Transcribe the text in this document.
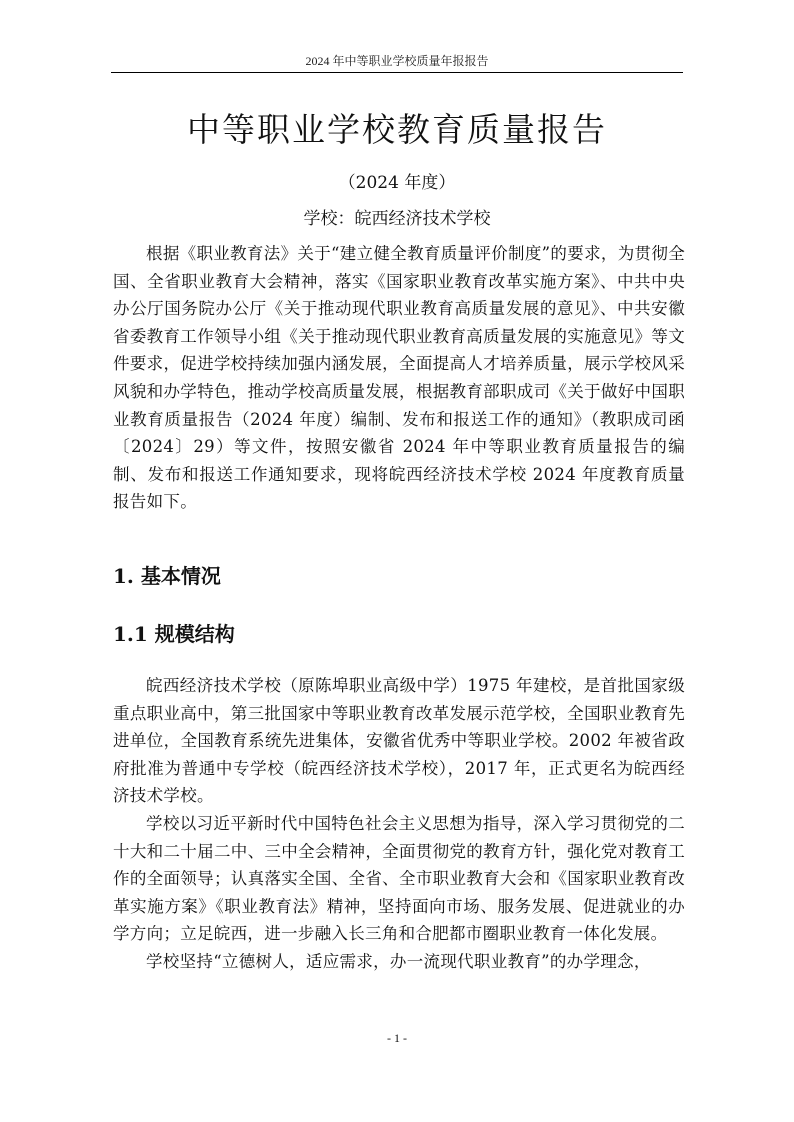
2024 年中等职业学校质量年报报告
中等职业学校教育质量报告
（2024 年度）
学校：皖西经济技术学校

根据《职业教育法》关于“建立健全教育质量评价制度”的要求，为贯彻全国、全省职业教育大会精神，落实《国家职业教育改革实施方案》、中共中央办公厅国务院办公厅《关于推动现代职业教育高质量发展的意见》、中共安徽省委教育工作领导小组《关于推动现代职业教育高质量发展的实施意见》等文件要求，促进学校持续加强内涵发展，全面提高人才培养质量，展示学校风采风貌和办学特色，推动学校高质量发展，根据教育部职成司《关于做好中国职业教育质量报告（2024 年度）编制、发布和报送工作的通知》（教职成司函〔2024〕29）等文件，按照安徽省 2024 年中等职业教育质量报告的编制、发布和报送工作通知要求，现将皖西经济技术学校 2024 年度教育质量报告如下。

1. 基本情况
1.1 规模结构

皖西经济技术学校（原陈埠职业高级中学）1975 年建校，是首批国家级重点职业高中，第三批国家中等职业教育改革发展示范学校，全国职业教育先进单位，全国教育系统先进集体，安徽省优秀中等职业学校。2002 年被省政府批准为普通中专学校（皖西经济技术学校），2017 年，正式更名为皖西经济技术学校。

学校以习近平新时代中国特色社会主义思想为指导，深入学习贯彻党的二十大和二十届二中、三中全会精神，全面贯彻党的教育方针，强化党对教育工作的全面领导；认真落实全国、全省、全市职业教育大会和《国家职业教育改革实施方案》《职业教育法》精神，坚持面向市场、服务发展、促进就业的办学方向；立足皖西，进一步融入长三角和合肥都市圈职业教育一体化发展。

学校坚持“立德树人，适应需求，办一流现代职业教育”的办学理念，

- 1 -
